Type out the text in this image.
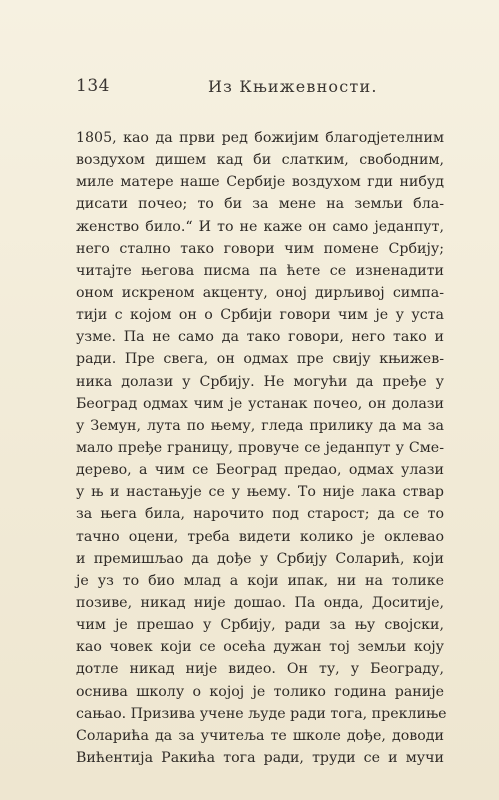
134	Из Књижевности.
1805, као да први ред божијим благодјетелним
воздухом дишем кад би слатким, свободним,
миле матере наше Сербије воздухом гди нибуд
дисати почео; то би за мене на земљи бла-
женство било.“ И то не каже он само једанпут,
него стално тако говори чим помене Србију;
читајте његова писма па ћете се изненадити
оном искреном акценту, оној дирљивој симпа-
тији с којом он о Србији говори чим је у уста
узме. Па не само да тако говори, него тако и
ради. Пре свега, он одмах пре свију књижев-
ника долази у Србију. Не могући да пређе у
Београд одмах чим је устанак почео, он долази
у Земун, лута по њему, гледа прилику да ма за
мало пређе границу, провуче се једанпут у Сме-
дерево, а чим се Београд предао, одмах улази
у њ и настањује се у њему. То није лака ствар
за њега била, нарочито под старост; да се то
тачно оцени, треба видети колико је оклевао
и премишљао да дође у Србију Соларић, који
је уз то био млад а који ипак, ни на толике
позиве, никад није дошао. Па онда, Доситије,
чим је прешао у Србију, ради за њу својски,
као човек који се осећа дужан тој земљи коју
дотле никад није видео. Он ту, у Београду,
оснива школу о којој је толико година раније
сањао. Призива учене људе ради тога, преклиње
Соларића да за учитеља те школе дође, доводи
Вићентија Ракића тога ради, труди се и мучи
